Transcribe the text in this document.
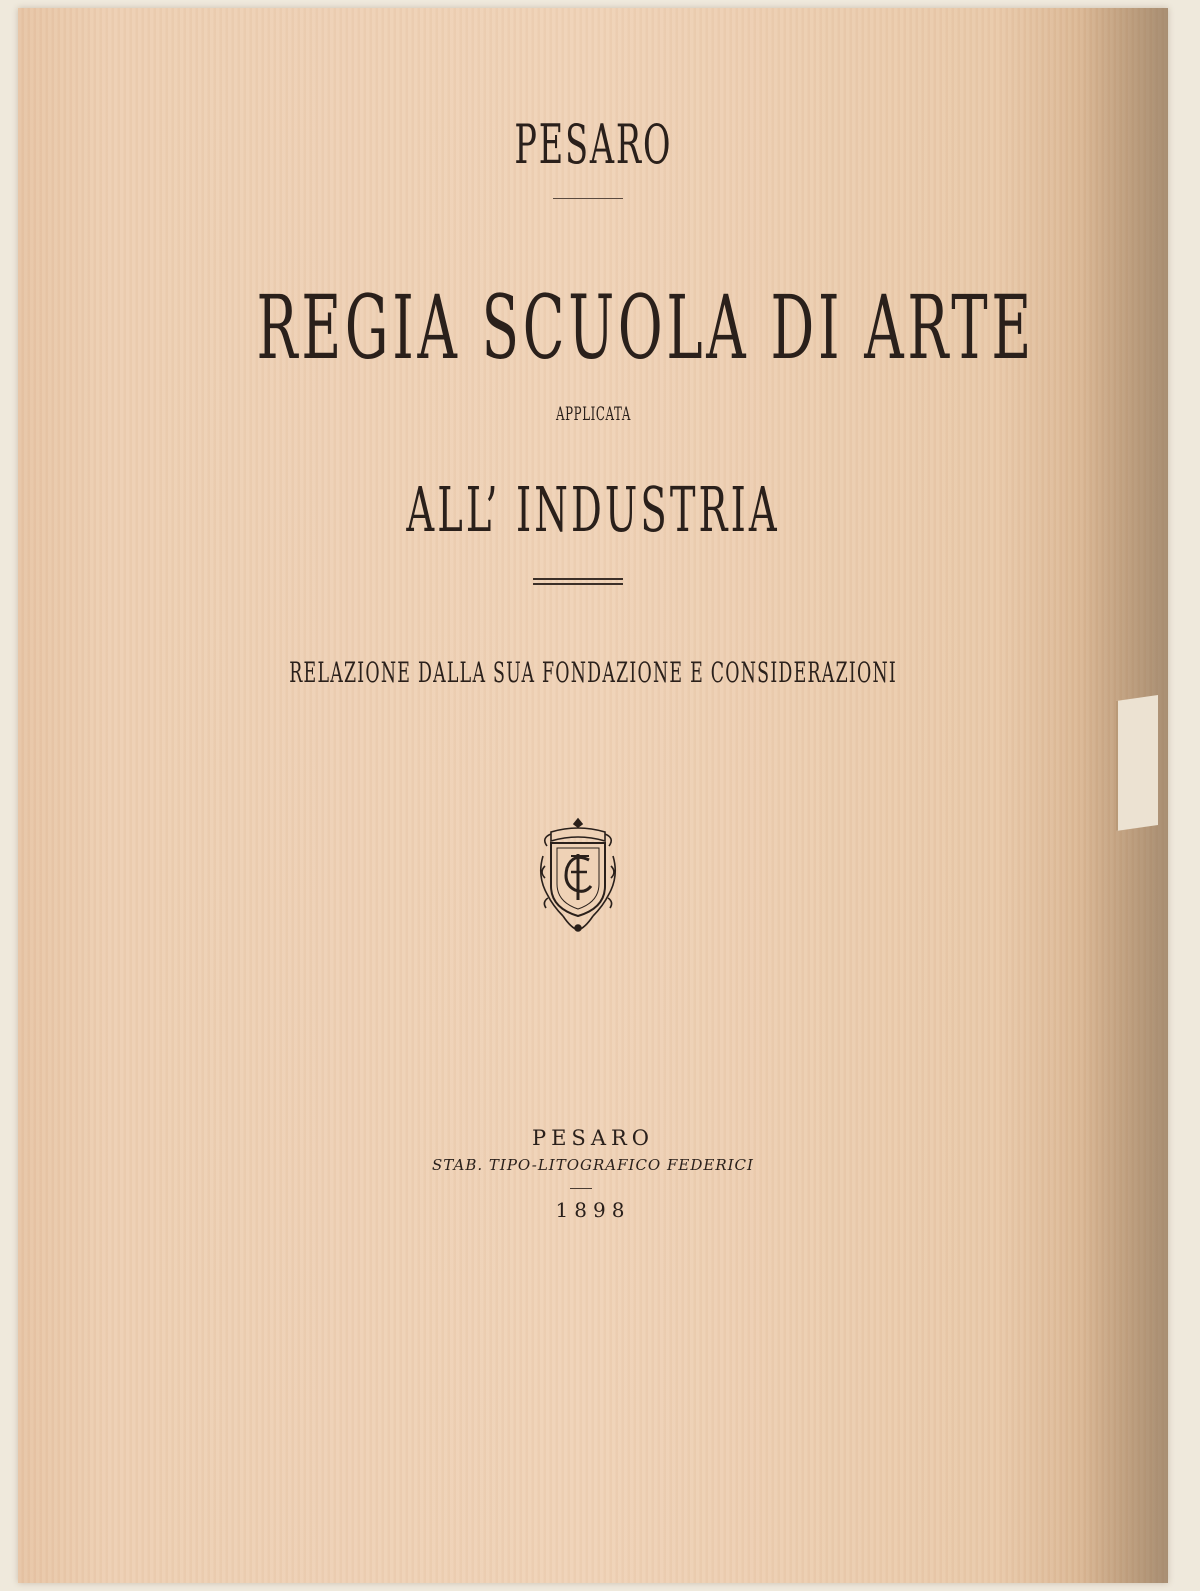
PESARO
REGIA SCUOLA DI ARTE
APPLICATA
ALL’ INDUSTRIA
RELAZIONE DALLA SUA FONDAZIONE E CONSIDERAZIONI
PESARO
STAB. TIPO-LITOGRAFICO FEDERICI
1898
